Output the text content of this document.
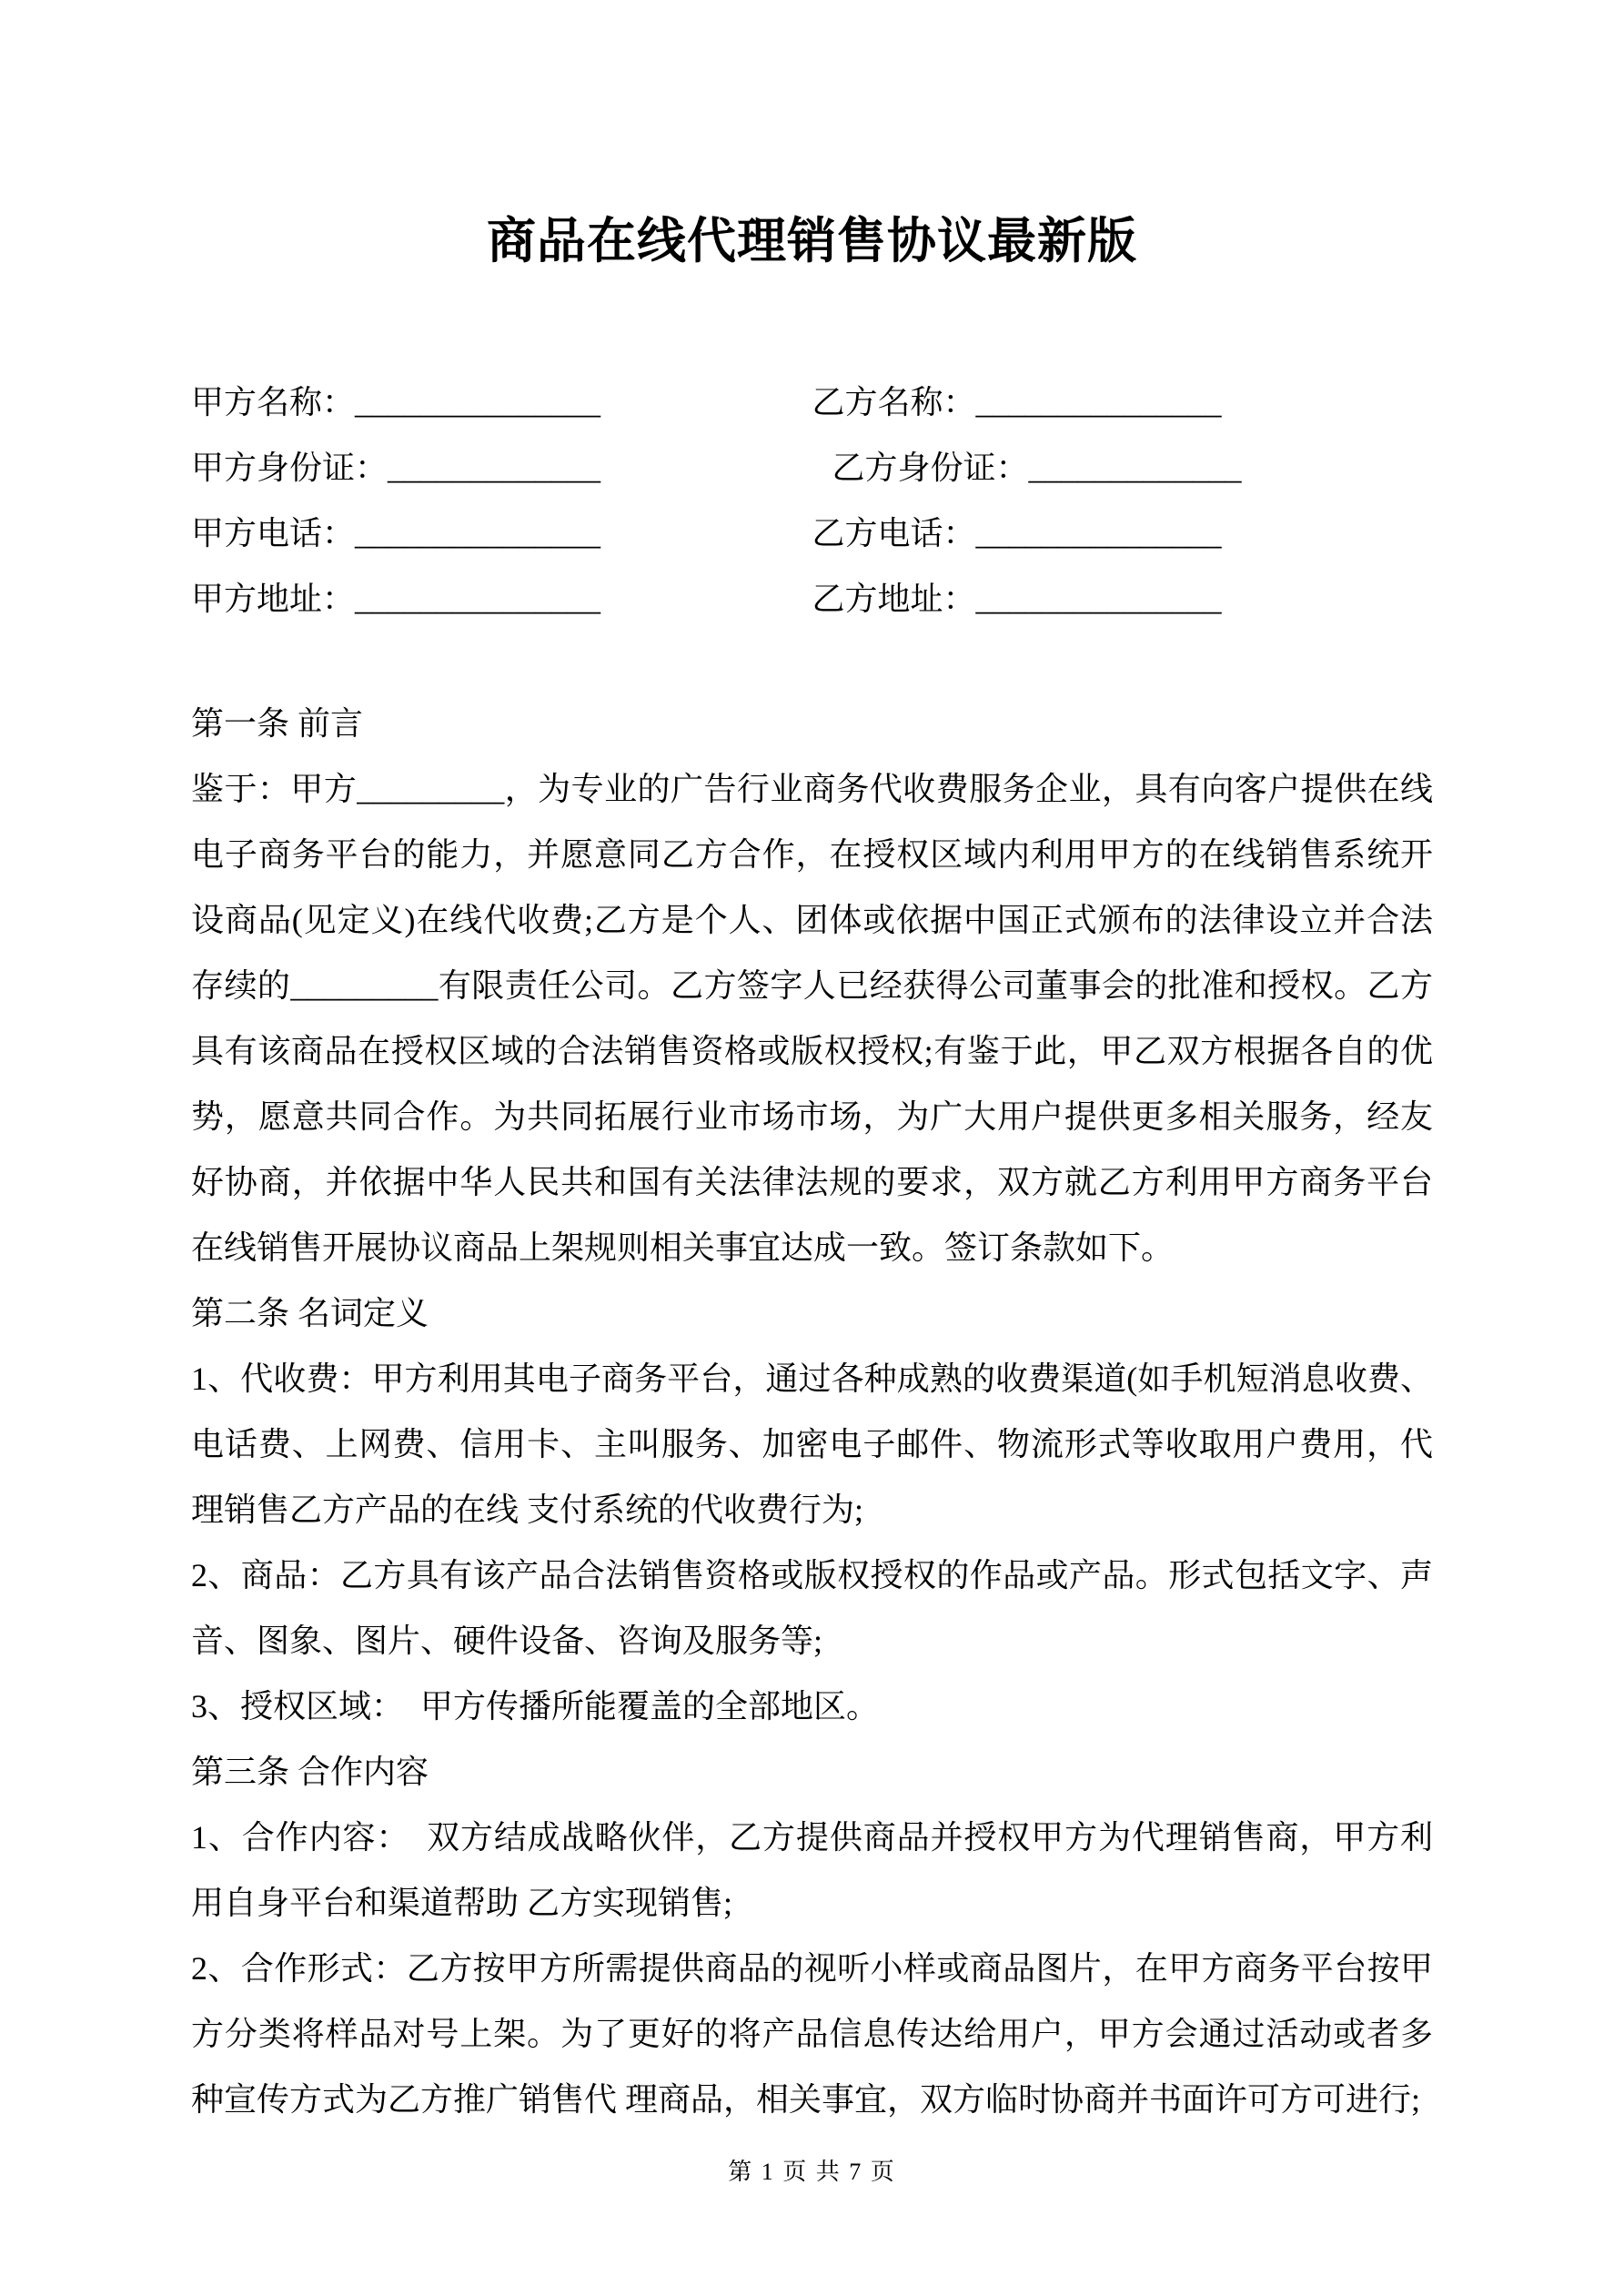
商品在线代理销售协议最新版
甲方名称：_______________	乙方名称：_______________
甲方身份证：_____________	乙方身份证：_____________
甲方电话：_______________	乙方电话：_______________
甲方地址：_______________	乙方地址：_______________

第一条 前言

鉴于：甲方_________，为专业的广告行业商务代收费服务企业，具有向客户提供在线电子商务平台的能力，并愿意同乙方合作，在授权区域内利用甲方的在线销售系统开设商品(见定义)在线代收费;乙方是个人、团体或依据中国正式颁布的法律设立并合法存续的_________有限责任公司。乙方签字人已经获得公司董事会的批准和授权。乙方具有该商品在授权区域的合法销售资格或版权授权;有鉴于此，甲乙双方根据各自的优势，愿意共同合作。为共同拓展行业市场市场，为广大用户提供更多相关服务，经友好协商，并依据中华人民共和国有关法律法规的要求，双方就乙方利用甲方商务平台在线销售开展协议商品上架规则相关事宜达成一致。签订条款如下。

第二条 名词定义

1、代收费：甲方利用其电子商务平台，通过各种成熟的收费渠道(如手机短消息收费、电话费、上网费、信用卡、主叫服务、加密电子邮件、物流形式等收取用户费用，代理销售乙方产品的在线 支付系统的代收费行为;

2、商品：乙方具有该产品合法销售资格或版权授权的作品或产品。形式包括文字、声音、图象、图片、硬件设备、咨询及服务等;

3、授权区域：　甲方传播所能覆盖的全部地区。

第三条 合作内容

1、合作内容：　双方结成战略伙伴，乙方提供商品并授权甲方为代理销售商，甲方利用自身平台和渠道帮助 乙方实现销售;

2、合作形式：乙方按甲方所需提供商品的视听小样或商品图片，在甲方商务平台按甲方分类将样品对号上架。为了更好的将产品信息传达给用户，甲方会通过活动或者多种宣传方式为乙方推广销售代 理商品，相关事宜，双方临时协商并书面许可方可进行;

第 1 页 共 7 页
